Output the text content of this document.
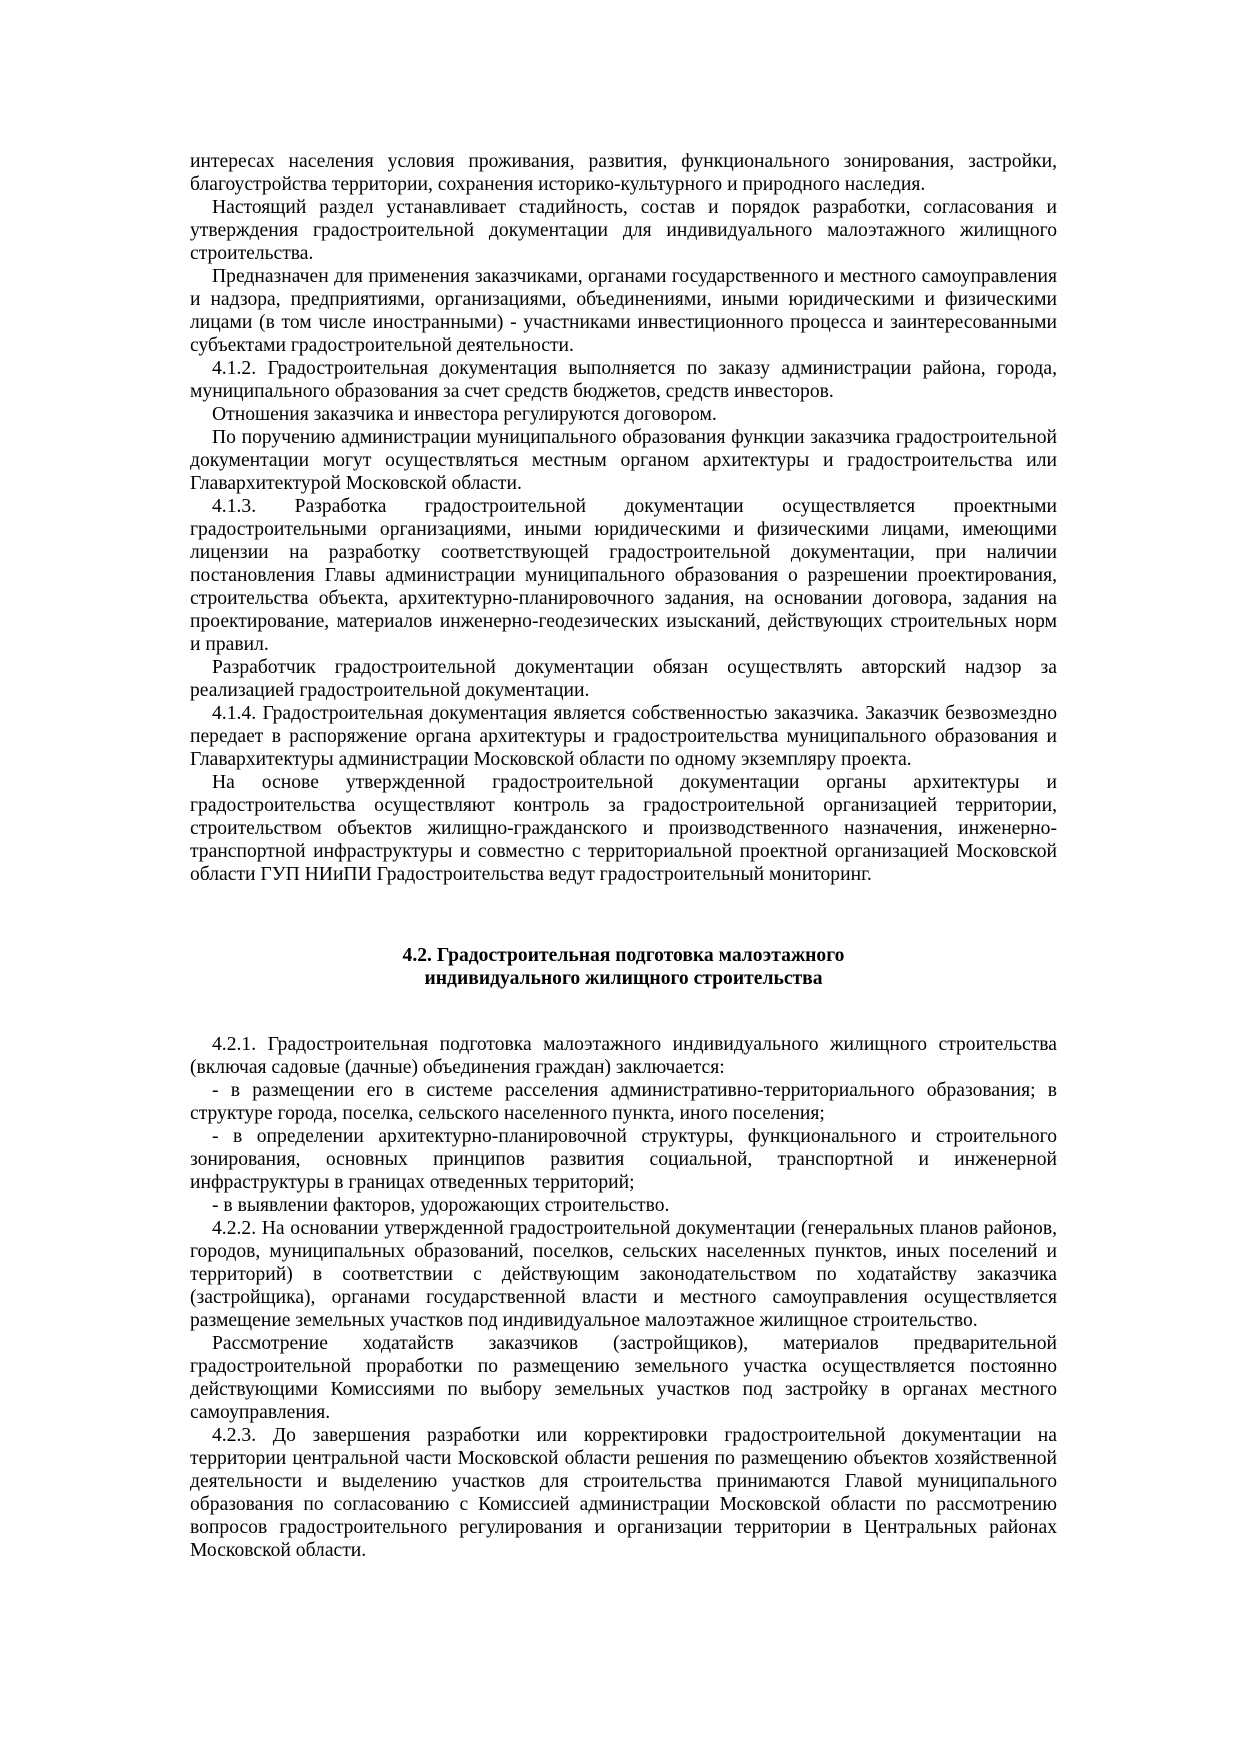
интересах населения условия проживания, развития, функционального зонирования, застройки, благоустройства территории, сохранения историко-культурного и природного наследия.

Настоящий раздел устанавливает стадийность, состав и порядок разработки, согласования и утверждения градостроительной документации для индивидуального малоэтажного жилищного строительства.

Предназначен для применения заказчиками, органами государственного и местного самоуправления и надзора, предприятиями, организациями, объединениями, иными юридическими и физическими лицами (в том числе иностранными) - участниками инвестиционного процесса и заинтересованными субъектами градостроительной деятельности.

4.1.2. Градостроительная документация выполняется по заказу администрации района, города, муниципального образования за счет средств бюджетов, средств инвесторов.

Отношения заказчика и инвестора регулируются договором.

По поручению администрации муниципального образования функции заказчика градостроительной документации могут осуществляться местным органом архитектуры и градостроительства или Главархитектурой Московской области.

4.1.3. Разработка градостроительной документации осуществляется проектными градостроительными организациями, иными юридическими и физическими лицами, имеющими лицензии на разработку соответствующей градостроительной документации, при наличии постановления Главы администрации муниципального образования о разрешении проектирования, строительства объекта, архитектурно-планировочного задания, на основании договора, задания на проектирование, материалов инженерно-геодезических изысканий, действующих строительных норм и правил.

Разработчик градостроительной документации обязан осуществлять авторский надзор за реализацией градостроительной документации.

4.1.4. Градостроительная документация является собственностью заказчика. Заказчик безвозмездно передает в распоряжение органа архитектуры и градостроительства муниципального образования и Главархитектуры администрации Московской области по одному экземпляру проекта.

На основе утвержденной градостроительной документации органы архитектуры и градостроительства осуществляют контроль за градостроительной организацией территории, строительством объектов жилищно-гражданского и производственного назначения, инженерно-транспортной инфраструктуры и совместно с территориальной проектной организацией Московской области ГУП НИиПИ Градостроительства ведут градостроительный мониторинг.

4.2. Градостроительная подготовка малоэтажного
индивидуального жилищного строительства

4.2.1. Градостроительная подготовка малоэтажного индивидуального жилищного строительства (включая садовые (дачные) объединения граждан) заключается:

- в размещении его в системе расселения административно-территориального образования; в структуре города, поселка, сельского населенного пункта, иного поселения;

- в определении архитектурно-планировочной структуры, функционального и строительного зонирования, основных принципов развития социальной, транспортной и инженерной инфраструктуры в границах отведенных территорий;

- в выявлении факторов, удорожающих строительство.

4.2.2. На основании утвержденной градостроительной документации (генеральных планов районов, городов, муниципальных образований, поселков, сельских населенных пунктов, иных поселений и территорий) в соответствии с действующим законодательством по ходатайству заказчика (застройщика), органами государственной власти и местного самоуправления осуществляется размещение земельных участков под индивидуальное малоэтажное жилищное строительство.

Рассмотрение ходатайств заказчиков (застройщиков), материалов предварительной градостроительной проработки по размещению земельного участка осуществляется постоянно действующими Комиссиями по выбору земельных участков под застройку в органах местного самоуправления.

4.2.3. До завершения разработки или корректировки градостроительной документации на территории центральной части Московской области решения по размещению объектов хозяйственной деятельности и выделению участков для строительства принимаются Главой муниципального образования по согласованию с Комиссией администрации Московской области по рассмотрению вопросов градостроительного регулирования и организации территории в Центральных районах Московской области.
